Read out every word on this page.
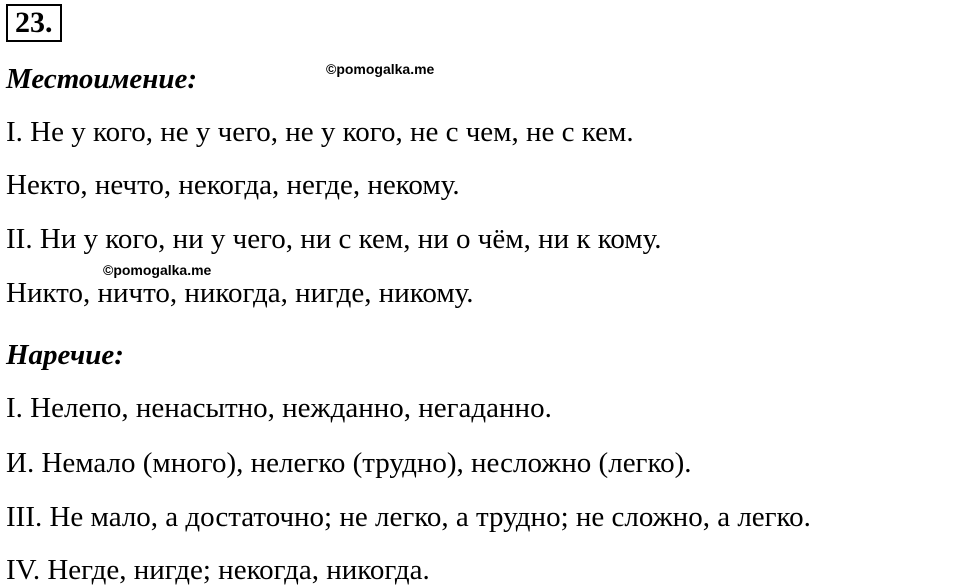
23.
©pomogalka.me
Местоимение:
I. Не у кого, не у чего, не у кого, не с чем, не с кем.
Некто, нечто, некогда, негде, некому.
II. Ни у кого, ни у чего, ни с кем, ни о чём, ни к кому.
©pomogalka.me
Никто, ничто, никогда, нигде, никому.
Наречие:
I. Нелепо, ненасытно, нежданно, негаданно.
И. Немало (много), нелегко (трудно), несложно (легко).
III. Не мало, а достаточно; не легко, а трудно; не сложно, а легко.
IV. Негде, нигде; некогда, никогда.
